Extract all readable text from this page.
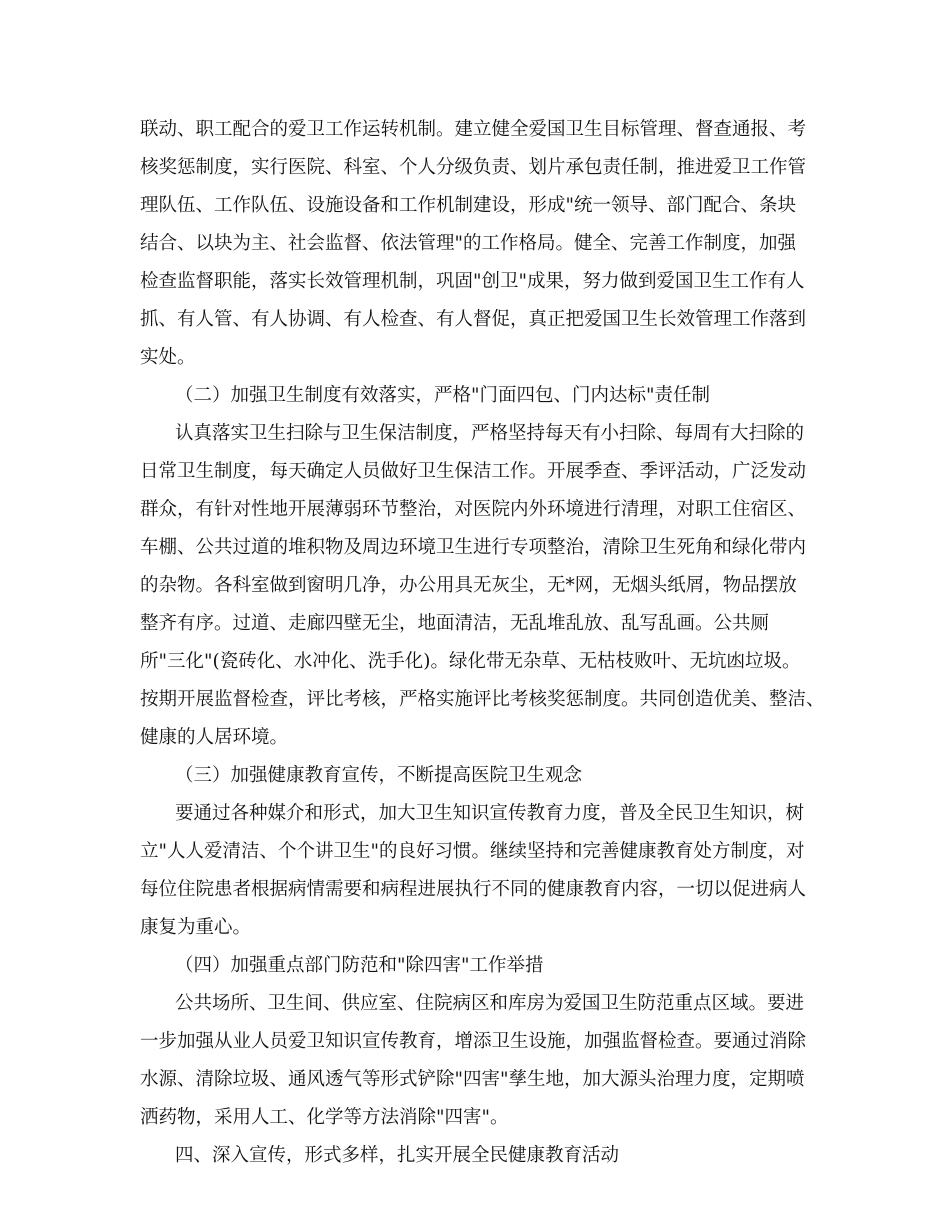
联动、职工配合的爱卫工作运转机制。建立健全爱国卫生目标管理、督查通报、考
核奖惩制度，实行医院、科室、个人分级负责、划片承包责任制，推进爱卫工作管
理队伍、工作队伍、设施设备和工作机制建设，形成"统一领导、部门配合、条块
结合、以块为主、社会监督、依法管理"的工作格局。健全、完善工作制度，加强
检查监督职能，落实长效管理机制，巩固"创卫"成果，努力做到爱国卫生工作有人
抓、有人管、有人协调、有人检查、有人督促，真正把爱国卫生长效管理工作落到
实处。
（二）加强卫生制度有效落实，严格"门面四包、门内达标"责任制
认真落实卫生扫除与卫生保洁制度，严格坚持每天有小扫除、每周有大扫除的
日常卫生制度，每天确定人员做好卫生保洁工作。开展季查、季评活动，广泛发动
群众，有针对性地开展薄弱环节整治，对医院内外环境进行清理，对职工住宿区、
车棚、公共过道的堆积物及周边环境卫生进行专项整治，清除卫生死角和绿化带内
的杂物。各科室做到窗明几净，办公用具无灰尘，无*网，无烟头纸屑，物品摆放
整齐有序。过道、走廊四壁无尘，地面清洁，无乱堆乱放、乱写乱画。公共厕
所"三化"(瓷砖化、水冲化、洗手化)。绿化带无杂草、无枯枝败叶、无坑凼垃圾。
按期开展监督检查，评比考核，严格实施评比考核奖惩制度。共同创造优美、整洁、
健康的人居环境。
（三）加强健康教育宣传，不断提高医院卫生观念
要通过各种媒介和形式，加大卫生知识宣传教育力度，普及全民卫生知识，树
立"人人爱清洁、个个讲卫生"的良好习惯。继续坚持和完善健康教育处方制度，对
每位住院患者根据病情需要和病程进展执行不同的健康教育内容，一切以促进病人
康复为重心。
（四）加强重点部门防范和"除四害"工作举措
公共场所、卫生间、供应室、住院病区和库房为爱国卫生防范重点区域。要进
一步加强从业人员爱卫知识宣传教育，增添卫生设施，加强监督检查。要通过消除
水源、清除垃圾、通风透气等形式铲除"四害"孳生地，加大源头治理力度，定期喷
洒药物，采用人工、化学等方法消除"四害"。
四、深入宣传，形式多样，扎实开展全民健康教育活动
